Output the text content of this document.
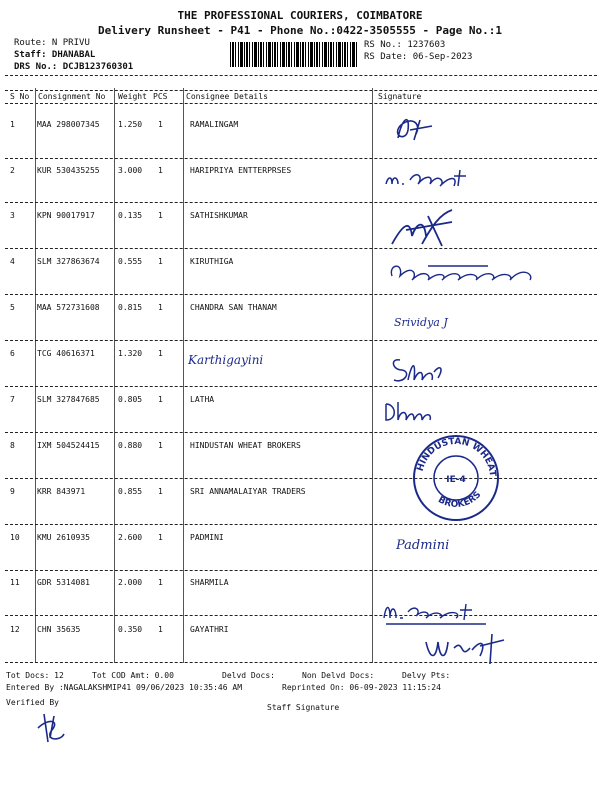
THE PROFESSIONAL COURIERS, COIMBATORE
Delivery Runsheet - P41 - Phone No.:0422-3505555 - Page No.:1
Route: N PRIVU
Staff: DHANABAL
DRS No.: DCJB123760301
RS No.: 1237603
RS Date: 06-Sep-2023
S No Consignment No Weight PCS Consignee Details	Signature
1	MAA 298007345 1.250 1	RAMALINGAM
2	KUR 530435255 3.000 1	HARIPRIYA ENTTERPRSES
3	KPN 90017917	0.135 1	SATHISHKUMAR
4	SLM 327863674 0.555 1	KIRUTHIGA
5	MAA 572731608 0.815 1	CHANDRA SAN THANAM
6	TCG 40616371	1.320 1 Karthigayini
7	SLM 327847685 0.805 1	LATHA
8	IXM 504524415 0.880 1	HINDUSTAN WHEAT BROKERS
9	KRR 843971	0.855 1	SRI ANNAMALAIYAR TRADERS
10 KMU 2610935	2.600 1	PADMINI
11 GDR 5314081	2.000 1	SHARMILA
12 CHN 35635	0.350 1	GAYATHRI
Srividya J
HINDUSTAN WHEAT
BROKERS
IE-4
Padmini
Tot Docs: 12	Tot COD Amt: 0.00	Delvd Docs:	Non Delvd Docs:	Delvy Pts:
Entered By :NAGALAKSHMIP41 09/06/2023 10:35:46 AM	Reprinted On: 06-09-2023 11:15:24
Verified By
Staff Signature
